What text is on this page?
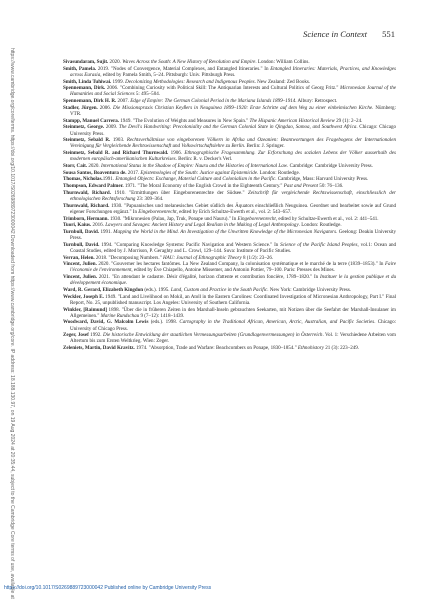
Science in Context 551
https://www.cambridge.org/core/terms. https://doi.org/10.1017/S0269889723000042 Downloaded from https://www.cambridge.org/core. IP address: 18.188.130.97, on 19 Aug 2024 at 20:35:44, subject to the Cambridge Core terms of use, available at	Sivasundaram, Sujit. 2020. Waves Across the South: A New History of Revolution and Empire. London: William Collins.

Smith, Pamela. 2019. "Nodes of Convergence, Material Complexes, and Entangled Itineraries." In Entangled Itineraries: Materials, Practices, and Knowledges across Eurasia, edited by Pamela Smith, 5–24. Pittsburgh: Univ. Pittsburgh Press.

Smith, Linda Tuhiwai. 1999. Decolonizing Methodologies: Research and Indigenous Peoples. New Zealand: Zed Books.

Spennemann, Dirk. 2006. "Combining Curiosity with Political Skill: The Antiquarian Interests and Cultural Politics of Georg Fritz." Micronesian Journal of the Humanities and Social Sciences 5: 495–504.

Spennemann, Dirk H. R. 2007. Edge of Empire: The German Colonial Period in the Mariana Islands 1899–1914. Albury: Retrospect.

Stadler, Jürgen. 2006. Die Missionspraxis Christian Keyßers in Neuguinea 1899–1920: Erste Schritte auf dem Weg zu einer einheimischen Kirche. Nürnberg: VTR.

Stampp, Manuel Carrera. 1949. "The Evolution of Weights and Measures in New Spain." The Hispanic American Historical Review 29 (1): 2–24.

Steinmetz, George. 2009. The Devil's Handwriting: Precoloniality and the German Colonial State in Qingdao, Samoa, and Southwest Africa. Chicago: Chicago University Press.

Steinmetz, Sebald R. 1903. Rechtsverhältnisse von eingeborenen Völkern in Afrika und Ozeanien: Beantwortungen des Fragebogens der Internationalen Vereinigung für Vergleichende Rechtswissenschaft und Volkswirtschaftslehre zu Berlin. Berlin: J. Springer.

Steinmetz, Sebald R. and Richard Thurnwald. 1906. Ethnographische Fragesammlung. Zur Erforschung des sozialen Lebens der Völker ausserhalb des modernen europäisch-amerikanischen Kulturkreises. Berlin: R. v. Decker's Verl.

Storr, Cait. 2020. International Status in the Shadow of Empire: Nauru and the Histories of International Law. Cambridge: Cambridge University Press.

Sousa Santos, Boaventura de. 2017. Epistemologies of the South: Justice against Epistemicide. London: Routledge.

Thomas, Nicholas.1991. Entangled Objects: Exchange, Material Culture and Colonialism in the Pacific. Cambridge, Mass: Harvard University Press.

Thompson, Edward Palmer. 1971. "The Moral Economy of the English Crowd in the Eighteenth Century." Past and Present 50: 76–136.

Thurnwald, Richard. 1910. "Ermittlungen über Eingeborenenrechte der Südsee." Zeitschrift für vergleichende Rechtswissenschaft, einschliesslich der ethnologischen Rechtsforschung 23: 309–364.

Thurnwald, Richard. 1930. "Papuanisches und melanesisches Gebiet südlich des Äquators einschließlich Neuguinea. Geordnet und bearbeitet sowie auf Grund eigener Forschungen ergänzt." In Eingeborenenrecht, edited by Erich Schultze-Ewerth et al., vol. 2: 543–657.

Trimborn, Hermann. 1930. "Mikronesien (Palau, Jap, Truk, Ponape und Nauru)." In Eingeborenenrecht, edited by Schultze-Ewerth et al., vol. 2: 441–541.

Tuori, Kaius. 2016. Lawyers and Savages: Ancient History and Legal Realism in the Making of Legal Anthropology. London: Routledge.

Turnbull, David. 1991. Mapping the World in the Mind. An Investigation of the Unwritten Knowledge of the Micronesian Navigators. Geelong: Deakin University Press.

Turnbull, David. 1994. "Comparing Knowledge Systems: Pacific Navigation and Western Science." In Science of the Pacific Island Peoples, vol.1: Ocean and Coastal Studies, edited by J. Morrison, P. Geraghty and L. Crowl, 129–144. Suva: Institute of Pacific Studies.

Verran, Helen. 2018. "Decomposing Numbers." HAU: Journal of Ethnographic Theory 8 (1/2): 23–26.

Vincent, Julien. 2020. "Gouverner les hectares fantômes. La New Zealand Company, la colonisation systématique et le marché de la terre (1839–1853)." In Faire l'économie de l'environnement, edited by Ève Chiapello, Antoine Missemer, and Antonin Pottier, 79–100. Paris: Presses des Mines.

Vincent, Julien. 2021. "En attendant le cadastre. Désir d'égalité, horizon d'attente et contribution foncière, 1789–1820." In Instituer le la gestion publique et du développement économique.

Ward, R. Gerard, Elizabeth Kingdon (eds.). 1995. Land, Custom and Practice in the South Pacific. New York: Cambridge University Press.

Weckler, Joseph E. 1949. "Land and Livelihood on Mokil, an Atoll in the Eastern Carolines: Coordinated Investigation of Micronesian Anthropology, Part I." Final Report, No. 25, unpublished manuscript. Los Angeles: University of Southern California.

Winkler, [Raimund] 1898. "Über die in früheren Zeiten in den Marshall-Inseln gebrauchten Seekarten, mit Notizen über die Seefahrt der Marshall-Insulaner im Allgemeinen." Marine Rundschau 9 (7–12): 1418–1439.

Woodward, David, G. Malcolm Lewis (eds.). 1998. Cartography in the Traditional African, American, Arctic, Australian, and Pacific Societies. Chicago: University of Chicago Press.

Zeger, Josef 1992. Die historische Entwicklung der staatlichen Vermessungsarbeiten (Grundlagenvermessungen) in Österreich. Vol. 1: Verschiedene Arbeiten vom Altertum bis zum Ersten Weltkrieg. Wien: Zeger.

Zeleniets, Martin, David Kravitz. 1974. "Absorption, Trade and Warfare: Beachcombers on Ponape, 1830–1854." Ethnohistory 21 (3): 223–249.

https://doi.org/10.1017/S0269889723000042 Published online by Cambridge University Press
